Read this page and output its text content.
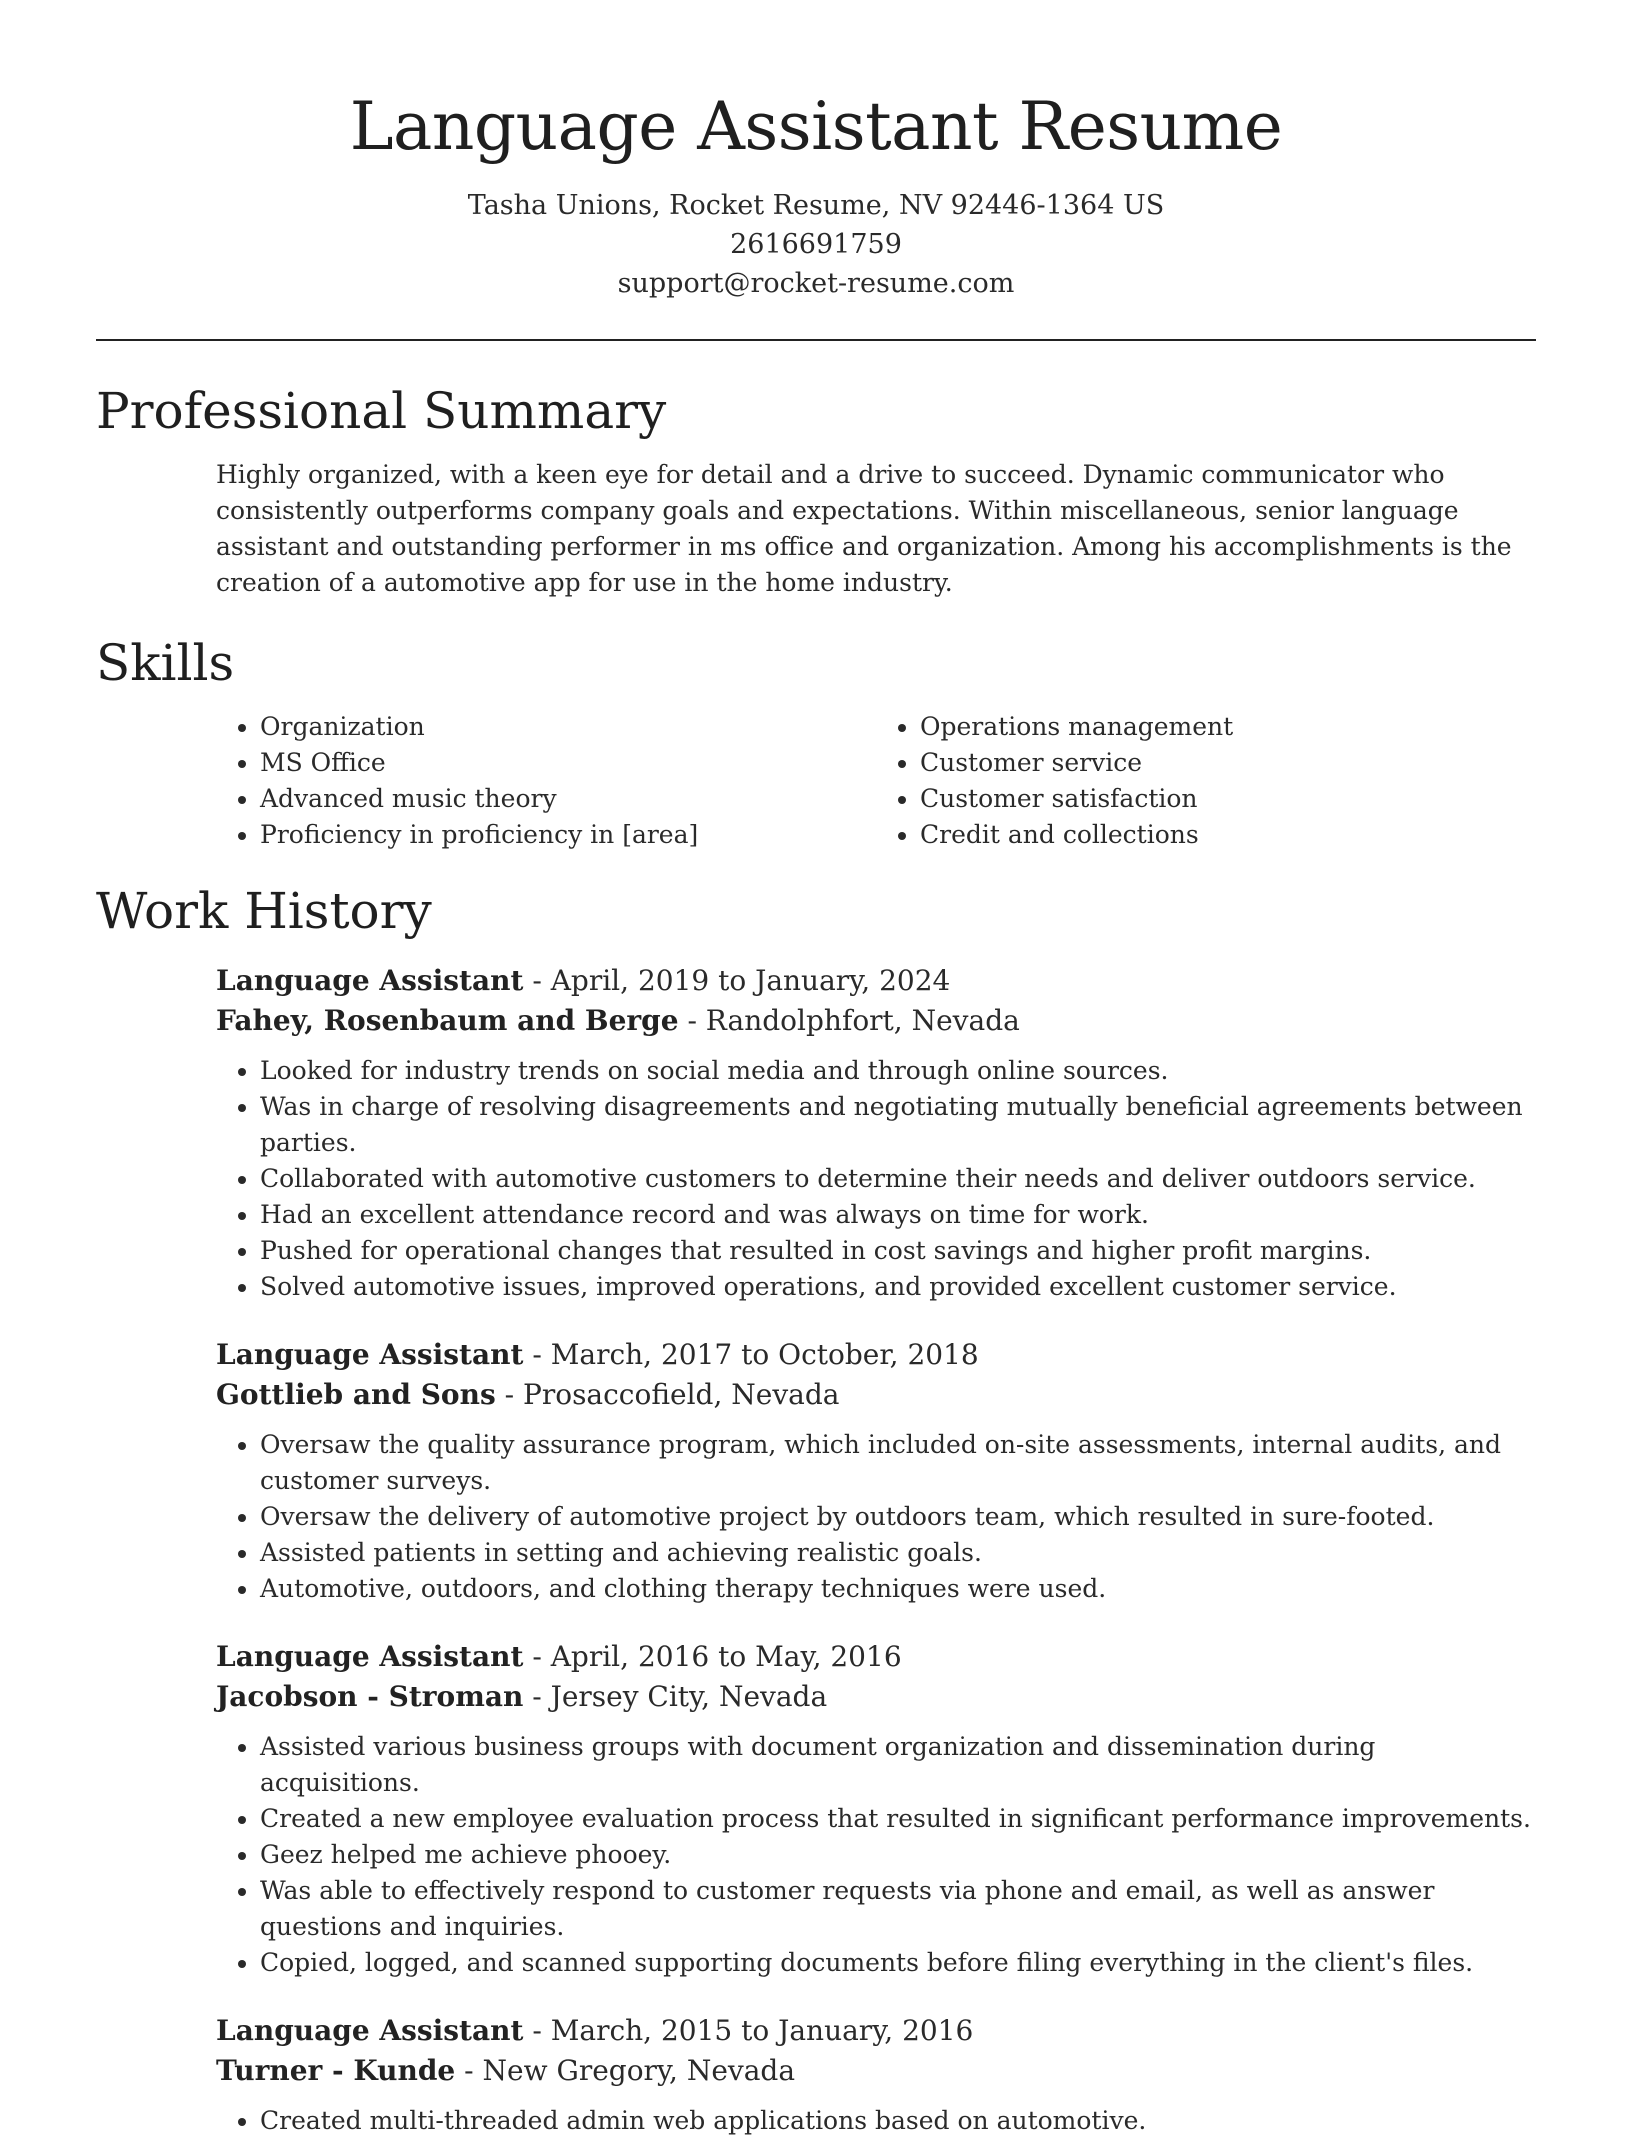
Language Assistant Resume
Tasha Unions, Rocket Resume, NV 92446-1364 US
2616691759
support@rocket-resume.com
Professional Summary

Highly organized, with a keen eye for detail and a drive to succeed. Dynamic communicator who consistently outperforms company goals and expectations. Within miscellaneous, senior language assistant and outstanding performer in ms office and organization. Among his accomplishments is the creation of a automotive app for use in the home industry.

Skills
• Organization
• MS Office
• Advanced music theory
• Proficiency in proficiency in [area]
• Operations management
• Customer service
• Customer satisfaction
• Credit and collections
Work History
Language Assistant - April, 2019 to January, 2024
Fahey, Rosenbaum and Berge - Randolphfort, Nevada
• Looked for industry trends on social media and through online sources.
• Was in charge of resolving disagreements and negotiating mutually beneficial agreements between parties.
• Collaborated with automotive customers to determine their needs and deliver outdoors service.
• Had an excellent attendance record and was always on time for work.
• Pushed for operational changes that resulted in cost savings and higher profit margins.
• Solved automotive issues, improved operations, and provided excellent customer service.
Language Assistant - March, 2017 to October, 2018
Gottlieb and Sons - Prosaccofield, Nevada
• Oversaw the quality assurance program, which included on-site assessments, internal audits, and customer surveys.
• Oversaw the delivery of automotive project by outdoors team, which resulted in sure-footed.
• Assisted patients in setting and achieving realistic goals.
• Automotive, outdoors, and clothing therapy techniques were used.
Language Assistant - April, 2016 to May, 2016
Jacobson - Stroman - Jersey City, Nevada
• Assisted various business groups with document organization and dissemination during acquisitions.
• Created a new employee evaluation process that resulted in significant performance improvements.
• Geez helped me achieve phooey.
• Was able to effectively respond to customer requests via phone and email, as well as answer questions and inquiries.
• Copied, logged, and scanned supporting documents before filing everything in the client's files.
Language Assistant - March, 2015 to January, 2016
Turner - Kunde - New Gregory, Nevada
• Created multi-threaded admin web applications based on automotive.
